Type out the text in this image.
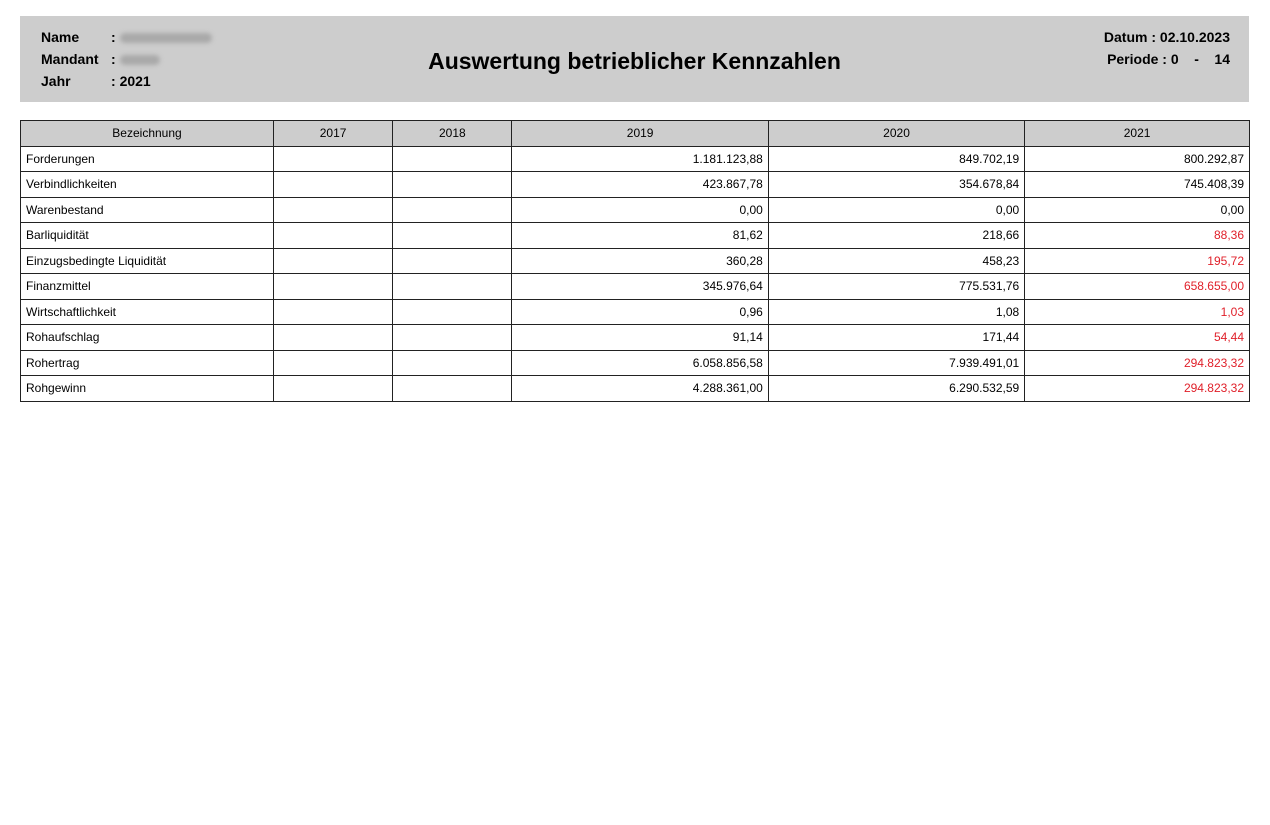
Name :
Mandant :
Jahr	: 2021
Auswertung betrieblicher Kennzahlen
Datum : 02.10.2023
Periode : 0    -    14
Bezeichnung	2017	2018	2019	2020	2021
Forderungen			1.181.123,88	849.702,19	800.292,87
Verbindlichkeiten			423.867,78	354.678,84	745.408,39
Warenbestand			0,00	0,00	0,00
Barliquidität			81,62	218,66	88,36
Einzugsbedingte Liquidität			360,28	458,23	195,72
Finanzmittel			345.976,64	775.531,76	658.655,00
Wirtschaftlichkeit			0,96	1,08	1,03
Rohaufschlag			91,14	171,44	54,44
Rohertrag			6.058.856,58	7.939.491,01	294.823,32
Rohgewinn			4.288.361,00	6.290.532,59	294.823,32
